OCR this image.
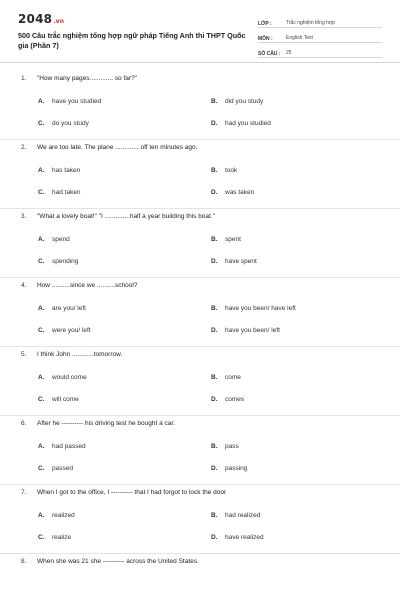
2048.vn
500 Câu trắc nghiệm tổng hợp ngữ pháp Tiếng Anh thi THPT Quốc gia (Phần 7)
LỚP :	Trắc nghiệm tổng hợp
MÔN :	English Test
SỐ CÂU :	25
1.	"How many pages............. so far?"
A.	have you studied	B.	did you study
C.	do you study	D.	had you studied
2.	We are too late. The plane ............. off ten minutes ago.
A.	has taken	B.	took
C.	had taken	D.	was taken
3.	"What a lovely boat!" "I ..............half a year building this boat."
A.	spend	B.	spent
C.	spending	D.	have spent
4.	How ..........since we ..........school?
A.	are you/ left	B.	have you been/ have left
C.	were you/ left	D.	have you been/ left
5.	I think John ............tomorrow.
A.	would come	B.	come
C.	will come	D.	comes
6.	After he ---------- his driving test he bought a car.
A.	had passed	B.	pass
C.	passed	D.	passing
7.	When I got to the office, I ---------- that I had forgot to lock the door
A.	realized	B.	had realized
C.	realize	D.	have realized
8.	When she was 21 she ---------- across the United States.
